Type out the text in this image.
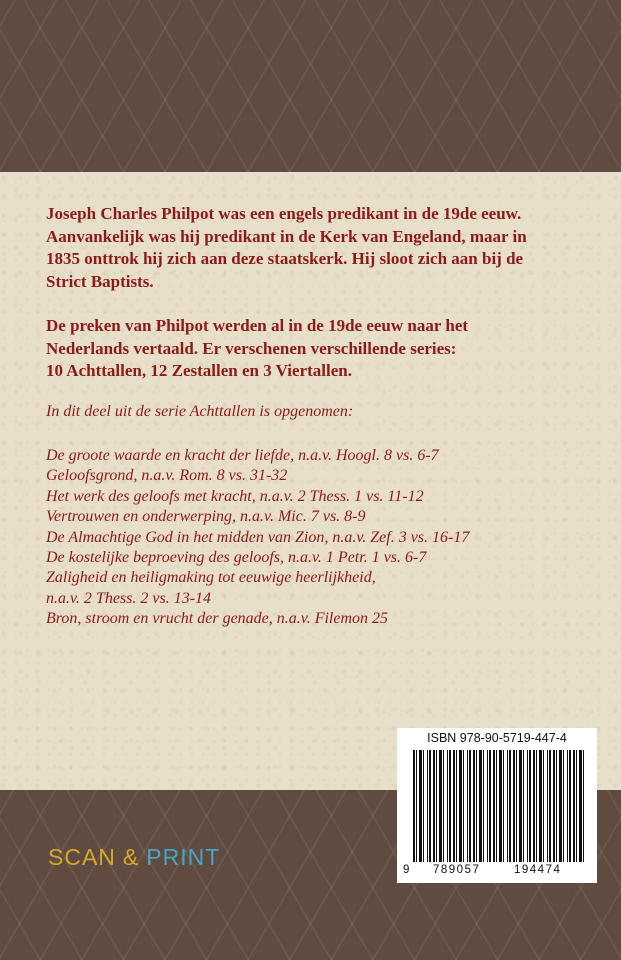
Joseph Charles Philpot was een engels predikant in de 19de eeuw.
Aanvankelijk was hij predikant in de Kerk van Engeland, maar in
1835 onttrok hij zich aan deze staatskerk. Hij sloot zich aan bij de
Strict Baptists.
De preken van Philpot werden al in de 19de eeuw naar het
Nederlands vertaald. Er verschenen verschillende series:
10 Achttallen, 12 Zestallen en 3 Viertallen.
In dit deel uit de serie Achttallen is opgenomen:
De groote waarde en kracht der liefde, n.a.v. Hoogl. 8 vs. 6-7
Geloofsgrond, n.a.v. Rom. 8 vs. 31-32
Het werk des geloofs met kracht, n.a.v. 2 Thess. 1 vs. 11-12
Vertrouwen en onderwerping, n.a.v. Mic. 7 vs. 8-9
De Almachtige God in het midden van Zion, n.a.v. Zef. 3 vs. 16-17
De kostelijke beproeving des geloofs, n.a.v. 1 Petr. 1 vs. 6-7
Zaligheid en heiligmaking tot eeuwige heerlijkheid,
n.a.v. 2 Thess. 2 vs. 13-14
Bron, stroom en vrucht der genade, n.a.v. Filemon 25
ISBN 978-90-5719-447-4
9 789057	194474
SCAN & PRINT
